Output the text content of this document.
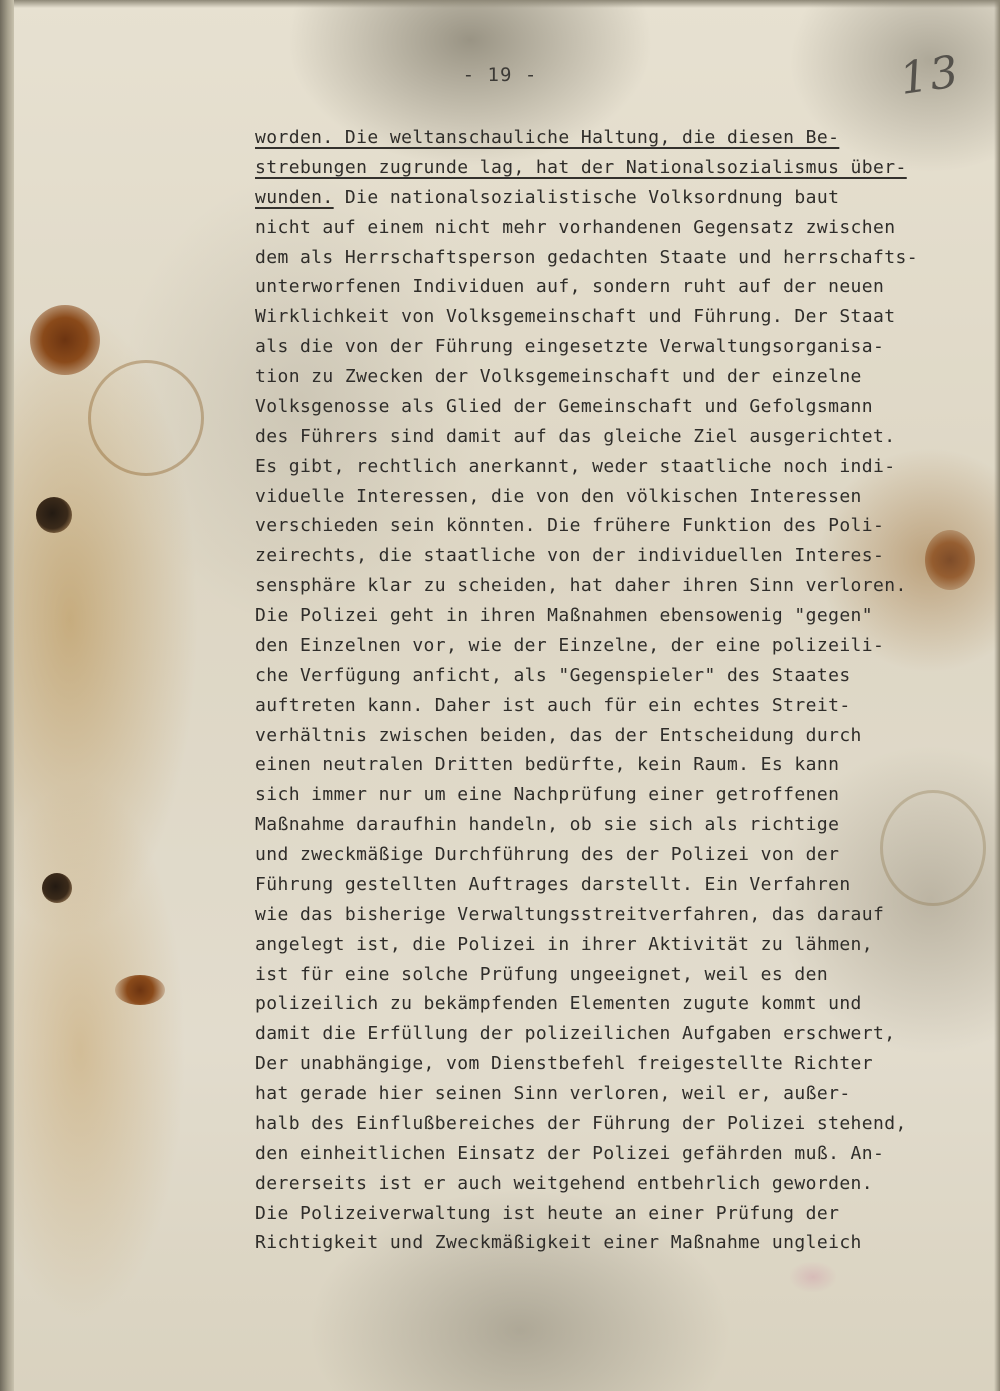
- 19 -	13
worden. Die weltanschauliche Haltung, die diesen Be-
strebungen zugrunde lag, hat der Nationalsozialismus über-
wunden. Die nationalsozialistische Volksordnung baut
nicht auf einem nicht mehr vorhandenen Gegensatz zwischen
dem als Herrschaftsperson gedachten Staate und herrschafts-
unterworfenen Individuen auf, sondern ruht auf der neuen
Wirklichkeit von Volksgemeinschaft und Führung. Der Staat
als die von der Führung eingesetzte Verwaltungsorganisa-
tion zu Zwecken der Volksgemeinschaft und der einzelne
Volksgenosse als Glied der Gemeinschaft und Gefolgsmann
des Führers sind damit auf das gleiche Ziel ausgerichtet.
Es gibt, rechtlich anerkannt, weder staatliche noch indi-
viduelle Interessen, die von den völkischen Interessen
verschieden sein könnten. Die frühere Funktion des Poli-
zeirechts, die staatliche von der individuellen Interes-
sensphäre klar zu scheiden, hat daher ihren Sinn verloren.
Die Polizei geht in ihren Maßnahmen ebensowenig "gegen"
den Einzelnen vor, wie der Einzelne, der eine polizeili-
che Verfügung anficht, als "Gegenspieler" des Staates
auftreten kann. Daher ist auch für ein echtes Streit-
verhältnis zwischen beiden, das der Entscheidung durch
einen neutralen Dritten bedürfte, kein Raum. Es kann
sich immer nur um eine Nachprüfung einer getroffenen
Maßnahme daraufhin handeln, ob sie sich als richtige
und zweckmäßige Durchführung des der Polizei von der
Führung gestellten Auftrages darstellt. Ein Verfahren
wie das bisherige Verwaltungsstreitverfahren, das darauf
angelegt ist, die Polizei in ihrer Aktivität zu lähmen,
ist für eine solche Prüfung ungeeignet, weil es den
polizeilich zu bekämpfenden Elementen zugute kommt und
damit die Erfüllung der polizeilichen Aufgaben erschwert,
Der unabhängige, vom Dienstbefehl freigestellte Richter
hat gerade hier seinen Sinn verloren, weil er, außer-
halb des Einflußbereiches der Führung der Polizei stehend,
den einheitlichen Einsatz der Polizei gefährden muß. An-
dererseits ist er auch weitgehend entbehrlich geworden.
Die Polizeiverwaltung ist heute an einer Prüfung der
Richtigkeit und Zweckmäßigkeit einer Maßnahme ungleich
